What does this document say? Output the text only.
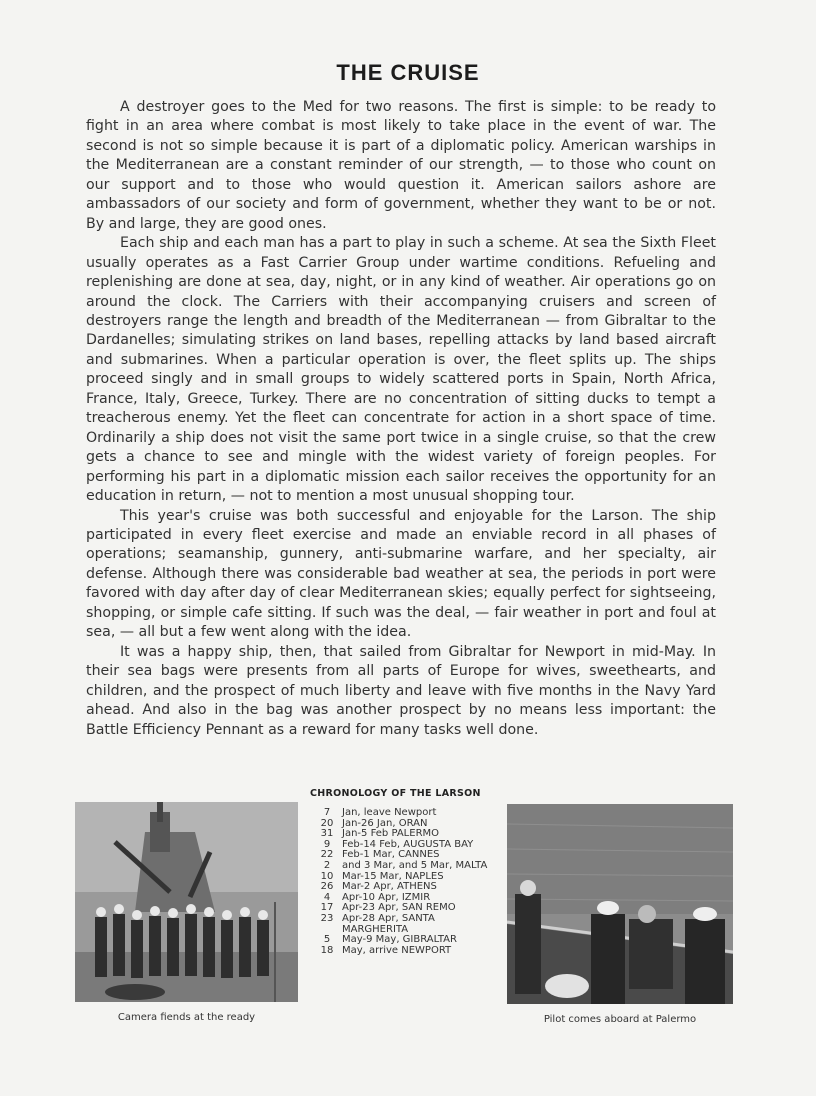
THE CRUISE

A destroyer goes to the Med for two reasons. The first is simple: to be ready to fight in an area where combat is most likely to take place in the event of war. The second is not so simple because it is part of a diplomatic policy. American warships in the Mediterranean are a constant reminder of our strength, — to those who count on our support and to those who would question it. American sailors ashore are ambassadors of our society and form of government, whether they want to be or not. By and large, they are good ones.

Each ship and each man has a part to play in such a scheme. At sea the Sixth Fleet usually operates as a Fast Carrier Group under wartime conditions. Refueling and replenishing are done at sea, day, night, or in any kind of weather. Air operations go on around the clock. The Carriers with their accompanying cruisers and screen of destroyers range the length and breadth of the Mediterranean — from Gibraltar to the Dardanelles; simulating strikes on land bases, repelling attacks by land based aircraft and submarines. When a particular operation is over, the fleet splits up. The ships proceed singly and in small groups to widely scattered ports in Spain, North Africa, France, Italy, Greece, Turkey. There are no concentration of sitting ducks to tempt a treacherous enemy. Yet the fleet can concentrate for action in a short space of time. Ordinarily a ship does not visit the same port twice in a single cruise, so that the crew gets a chance to see and mingle with the widest variety of foreign peoples. For performing his part in a diplomatic mission each sailor receives the opportunity for an education in return, — not to mention a most unusual shopping tour.

This year's cruise was both successful and enjoyable for the Larson. The ship participated in every fleet exercise and made an enviable record in all phases of operations; seamanship, gunnery, anti-submarine warfare, and her specialty, air defense. Although there was considerable bad weather at sea, the periods in port were favored with day after day of clear Mediterranean skies; equally perfect for sightseeing, shopping, or simple cafe sitting. If such was the deal, — fair weather in port and foul at sea, — all but a few went along with the idea.

It was a happy ship, then, that sailed from Gibraltar for Newport in mid-May. In their sea bags were presents from all parts of Europe for wives, sweethearts, and children, and the prospect of much liberty and leave with five months in the Navy Yard ahead. And also in the bag was another prospect by no means less important: the Battle Efficiency Pennant as a reward for many tasks well done.

Camera fiends at the ready
CHRONOLOGY OF THE LARSON
7	Jan, leave Newport
20 Jan-26 Jan, ORAN
31 Jan-5 Feb PALERMO
9	Feb-14 Feb, AUGUSTA BAY
22 Feb-1 Mar, CANNES
2	and 3 Mar, and 5 Mar, MALTA
10 Mar-15 Mar, NAPLES
26 Mar-2 Apr, ATHENS
4	Apr-10 Apr, IZMIR
17 Apr-23 Apr, SAN REMO
23 Apr-28 Apr, SANTA MARGHERITA
5	May-9 May, GIBRALTAR
18 May, arrive NEWPORT
Pilot comes aboard at Palermo
